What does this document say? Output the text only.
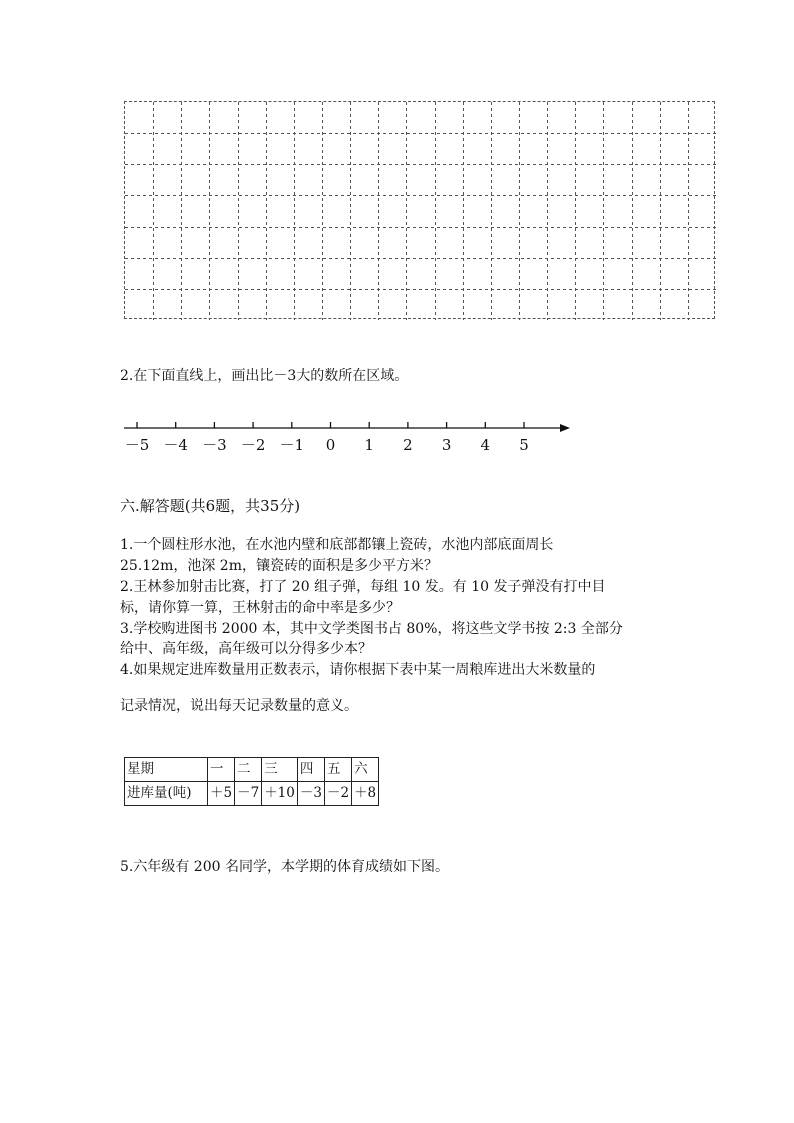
2.在下面直线上，画出比－3大的数所在区域。
－5 －4 －3 －2 －1 0 1 2 3 4 5
六.解答题(共6题，共35分)
1.一个圆柱形水池，在水池内壁和底部都镶上瓷砖，水池内部底面周长
25.12m，池深 2m，镶瓷砖的面积是多少平方米？
2.王林参加射击比赛，打了 20 组子弹，每组 10 发。有 10 发子弹没有打中目
标，请你算一算，王林射击的命中率是多少？
3.学校购进图书 2000 本，其中文学类图书占 80%，将这些文学书按 2:3 全部分
给中、高年级，高年级可以分得多少本？
4.如果规定进库数量用正数表示，请你根据下表中某一周粮库进出大米数量的
记录情况，说出每天记录数量的意义。
星期	一	二	三	四	五	六
进库量(吨)	＋5	－7	＋10	－3	－2	＋8
5.六年级有 200 名同学，本学期的体育成绩如下图。
